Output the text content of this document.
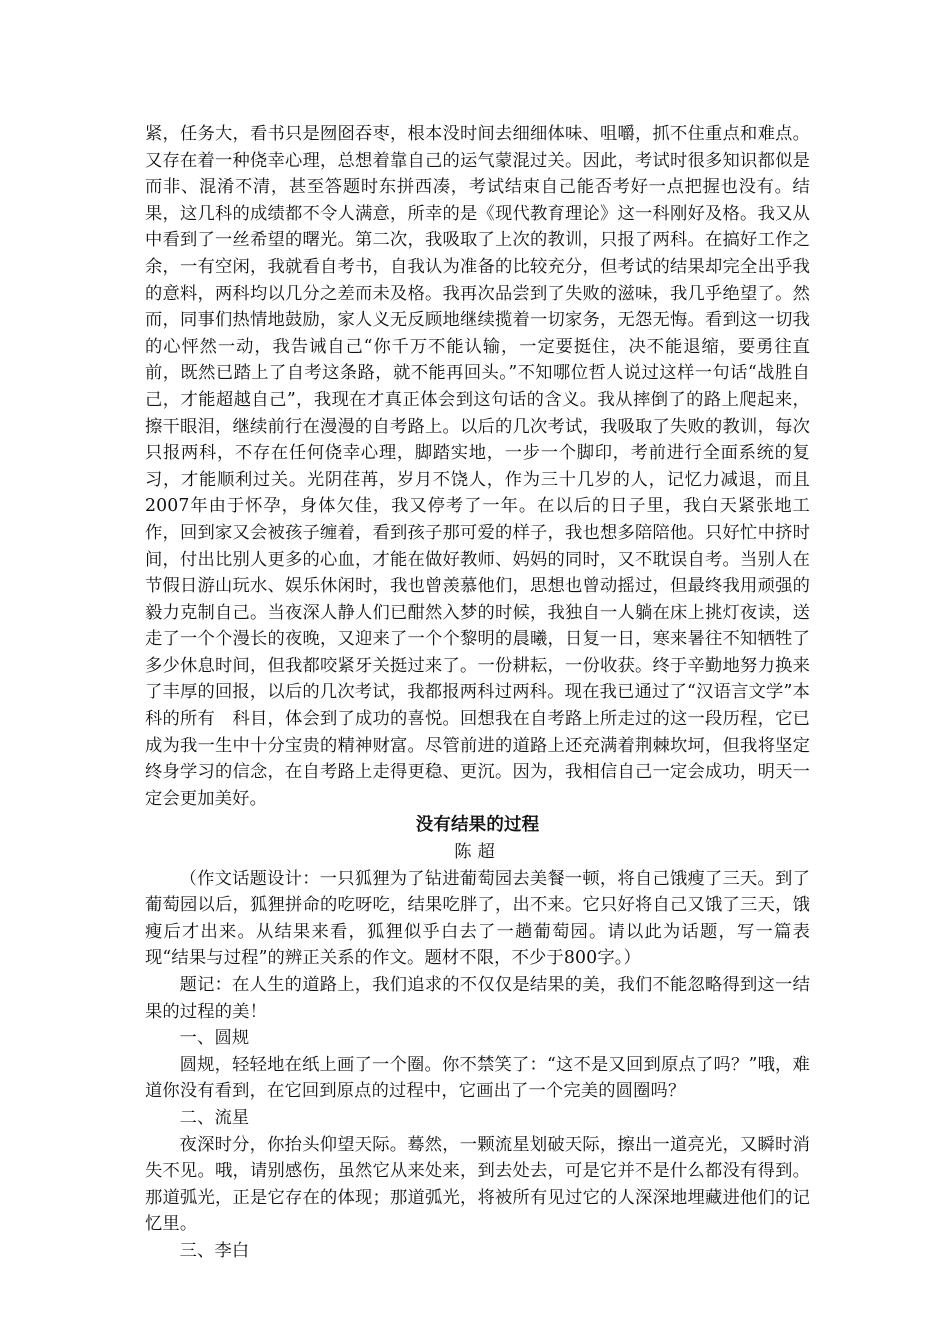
紧，任务大，看书只是囫囵吞枣，根本没时间去细细体味、咀嚼，抓不住重点和难点。又存在着一种侥幸心理，总想着靠自己的运气蒙混过关。因此，考试时很多知识都似是而非、混淆不清，甚至答题时东拼西凑，考试结束自己能否考好一点把握也没有。结果，这几科的成绩都不令人满意，所幸的是《现代教育理论》这一科刚好及格。我又从中看到了一丝希望的曙光。第二次，我吸取了上次的教训，只报了两科。在搞好工作之余，一有空闲，我就看自考书，自我认为准备的比较充分，但考试的结果却完全出乎我的意料，两科均以几分之差而未及格。我再次品尝到了失败的滋味，我几乎绝望了。然而，同事们热情地鼓励，家人义无反顾地继续揽着一切家务，无怨无悔。看到这一切我的心怦然一动，我告诫自己“你千万不能认输，一定要挺住，决不能退缩，要勇往直前，既然已踏上了自考这条路，就不能再回头。”不知哪位哲人说过这样一句话“战胜自己，才能超越自己”，我现在才真正体会到这句话的含义。我从摔倒了的路上爬起来，擦干眼泪，继续前行在漫漫的自考路上。以后的几次考试，我吸取了失败的教训，每次只报两科，不存在任何侥幸心理，脚踏实地，一步一个脚印，考前进行全面系统的复习，才能顺利过关。光阴荏苒，岁月不饶人，作为三十几岁的人，记忆力减退，而且2007年由于怀孕，身体欠佳，我又停考了一年。在以后的日子里，我白天紧张地工作，回到家又会被孩子缠着，看到孩子那可爱的样子，我也想多陪陪他。只好忙中挤时间，付出比别人更多的心血，才能在做好教师、妈妈的同时，又不耽误自考。当别人在节假日游山玩水、娱乐休闲时，我也曾羡慕他们，思想也曾动摇过，但最终我用顽强的毅力克制自己。当夜深人静人们已酣然入梦的时候，我独自一人躺在床上挑灯夜读，送走了一个个漫长的夜晚，又迎来了一个个黎明的晨曦，日复一日，寒来暑往不知牺牲了多少休息时间，但我都咬紧牙关挺过来了。一份耕耘，一份收获。终于辛勤地努力换来了丰厚的回报，以后的几次考试，我都报两科过两科。现在我已通过了“汉语言文学”本科的所有　科目，体会到了成功的喜悦。回想我在自考路上所走过的这一段历程，它已成为我一生中十分宝贵的精神财富。尽管前进的道路上还充满着荆棘坎坷，但我将坚定终身学习的信念，在自考路上走得更稳、更沉。因为，我相信自己一定会成功，明天一定会更加美好。

没有结果的过程

陈超

（作文话题设计：一只狐狸为了钻进葡萄园去美餐一顿，将自己饿瘦了三天。到了葡萄园以后，狐狸拼命的吃呀吃，结果吃胖了，出不来。它只好将自己又饿了三天，饿瘦后才出来。从结果来看，狐狸似乎白去了一趟葡萄园。请以此为话题，写一篇表现“结果与过程”的辨正关系的作文。题材不限，不少于800字。）

题记：在人生的道路上，我们追求的不仅仅是结果的美，我们不能忽略得到这一结果的过程的美！

一、圆规

圆规，轻轻地在纸上画了一个圈。你不禁笑了：“这不是又回到原点了吗？”哦，难道你没有看到，在它回到原点的过程中，它画出了一个完美的圆圈吗？

二、流星

夜深时分，你抬头仰望天际。蓦然，一颗流星划破天际，擦出一道亮光，又瞬时消失不见。哦，请别感伤，虽然它从来处来，到去处去，可是它并不是什么都没有得到。那道弧光，正是它存在的体现；那道弧光，将被所有见过它的人深深地埋藏进他们的记忆里。

三、李白
